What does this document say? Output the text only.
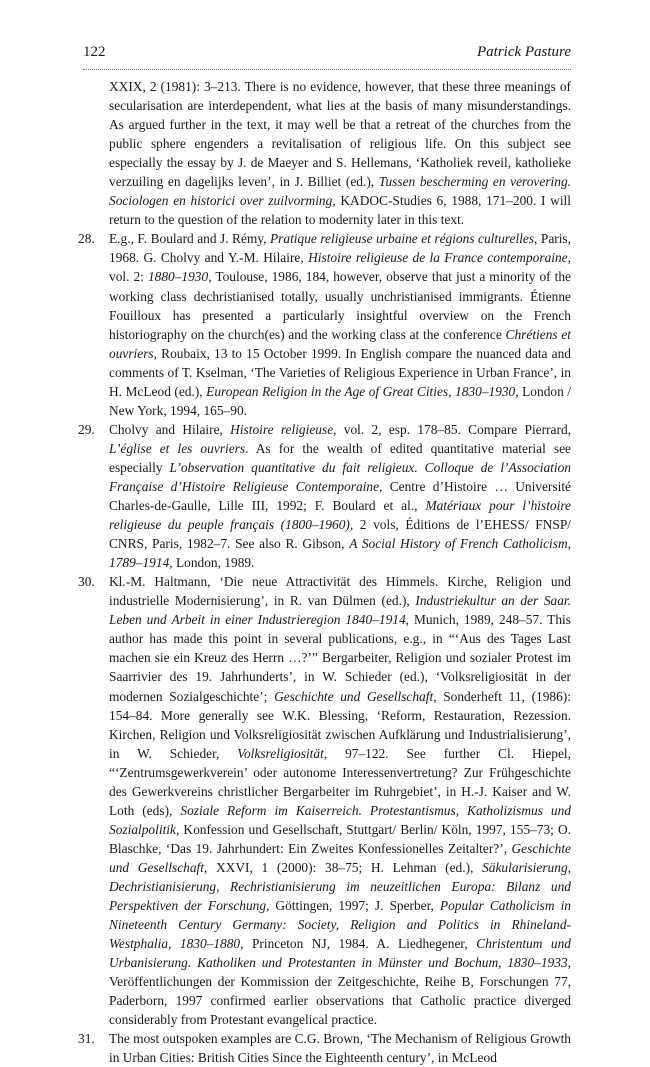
122	Patrick Pasture

XXIX, 2 (1981): 3–213. There is no evidence, however, that these three meanings of secularisation are interdependent, what lies at the basis of many misunderstandings. As argued further in the text, it may well be that a retreat of the churches from the public sphere engenders a revitalisation of religious life. On this subject see especially the essay by J. de Maeyer and S. Hellemans, ‘Katholiek reveil, katholieke verzuiling en dagelijks leven’, in J. Billiet (ed.), Tussen bescherming en verovering. Sociologen en historici over zuilvorming, KADOC-Studies 6, 1988, 171–200. I will return to the question of the relation to modernity later in this text.

28. E.g., F. Boulard and J. Rémy, Pratique religieuse urbaine et régions culturelles, Paris, 1968. G. Cholvy and Y.-M. Hilaire, Histoire religieuse de la France contemporaine, vol. 2: 1880–1930, Toulouse, 1986, 184, however, observe that just a minority of the working class dechristianised totally, usually unchristianised immigrants. Étienne Fouilloux has presented a particularly insightful overview on the French historiography on the church(es) and the working class at the conference Chrétiens et ouvriers, Roubaix, 13 to 15 October 1999. In English compare the nuanced data and comments of T. Kselman, ‘The Varieties of Religious Experience in Urban France’, in H. McLeod (ed.), European Religion in the Age of Great Cities, 1830–1930, London / New York, 1994, 165–90.

29. Cholvy and Hilaire, Histoire religieuse, vol. 2, esp. 178–85. Compare Pierrard, L’église et les ouvriers. As for the wealth of edited quantitative material see especially L’observation quantitative du fait religieux. Colloque de l’Association Française d’Histoire Religieuse Contemporaine, Centre d’Histoire … Université Charles-de-Gaulle, Lille III, 1992; F. Boulard et al., Matériaux pour l’histoire religieuse du peuple français (1800–1960), 2 vols, Éditions de l’EHESS/ FNSP/ CNRS, Paris, 1982–7. See also R. Gibson, A Social History of French Catholicism, 1789–1914, London, 1989.

30. Kl.-M. Haltmann, ‘Die neue Attractivität des Himmels. Kirche, Religion und industrielle Modernisierung’, in R. van Dülmen (ed.), Industriekultur an der Saar. Leben und Arbeit in einer Industrieregion 1840–1914, Munich, 1989, 248–57. This author has made this point in several publications, e.g., in “‘Aus des Tages Last machen sie ein Kreuz des Herrn …?’” Bergarbeiter, Religion und sozialer Protest im Saarrivier des 19. Jahrhunderts’, in W. Schieder (ed.), ‘Volksreligiosität in der modernen Sozialgeschichte’; Geschichte und Gesellschaft, Sonderheft 11, (1986): 154–84. More generally see W.K. Blessing, ‘Reform, Restauration, Rezession. Kirchen, Religion und Volksreligiosität zwischen Aufklärung und Industrialisierung’, in W. Schieder, Volksreligiosität, 97–122. See further Cl. Hiepel, “‘Zentrumsgewerkverein’ oder autonome Interessenvertretung? Zur Frühgeschichte des Gewerkvereins christlicher Bergarbeiter im Ruhrgebiet’, in H.-J. Kaiser and W. Loth (eds), Soziale Reform im Kaiserreich. Protestantismus, Katholizismus und Sozialpolitik, Konfession und Gesellschaft, Stuttgart/ Berlin/ Köln, 1997, 155–73; O. Blaschke, ‘Das 19. Jahrhundert: Ein Zweites Konfessionelles Zeitalter?’, Geschichte und Gesellschaft, XXVI, 1 (2000): 38–75; H. Lehman (ed.), Säkularisierung, Dechristianisierung, Rechristianisierung im neuzeitlichen Europa: Bilanz und Perspektiven der Forschung, Göttingen, 1997; J. Sperber, Popular Catholicism in Nineteenth Century Germany: Society, Religion and Politics in Rhineland-Westphalia, 1830–1880, Princeton NJ, 1984. A. Liedhegener, Christentum und Urbanisierung. Katholiken und Protestanten in Münster und Bochum, 1830–1933, Veröffentlichungen der Kommission der Zeitgeschichte, Reihe B, Forschungen 77, Paderborn, 1997 confirmed earlier observations that Catholic practice diverged considerably from Protestant evangelical practice.

31. The most outspoken examples are C.G. Brown, ‘The Mechanism of Religious Growth in Urban Cities: British Cities Since the Eighteenth century’, in McLeod
